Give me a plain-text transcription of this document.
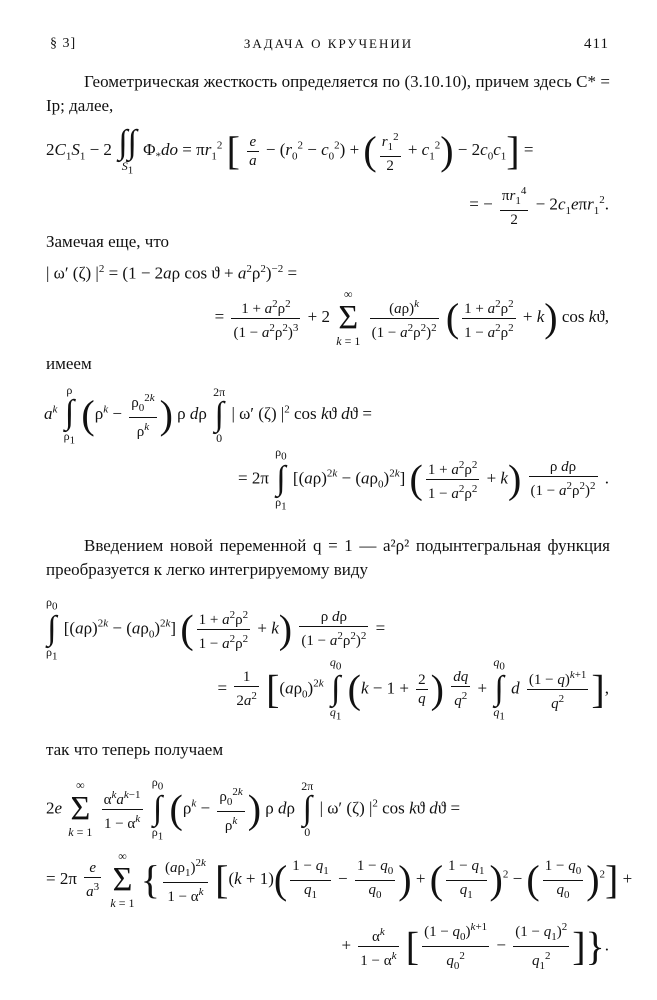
§ 3]	ЗАДАЧА О КРУЧЕНИИ	411
Геометрическая жесткость определяется по (3.10.10), причем здесь C* = Ip; далее,
$2C_1S_1 - 2$ ∫∫
$S_1$ $\Phi_*do = \pi r_1^2$ [ $\frac{e}{a} - (r_0^2 - c_0^2)$ + ( $\frac{r_1^2}{2} + c_1^2) - 2c_0c_1$] =
= − $\frac{\pi r_1^4}{2} - 2c_1e\pi r_1^2$.
Замечая еще, что
| ω′ (ζ) $|^2 = (1 - 2a\rho$ $\cos ϑ + a^2\rho^2)^{-2}$ =
= $\frac{1 + a^2\rho^2}{(1 - a^2\rho^2)^3} + 2$ ∞
Σ
$k = 1 \frac{(a\rho)^k}{(1 - a^2\rho^2)^2}$ ( $\frac{1 + a^2\rho^2}{1 - a^2\rho^2} + k$) cos kϑ,
имеем
$a^k$ ρ
∫
$\rho_1$ ($\rho^k - \frac{\rho_0^{2k}}{\rho^k}$ ) ρ dρ 2π
∫
0 | ω′ (ζ) $|^2$ cos kϑ dϑ =
= 2π $\rho_0$
∫
$\rho_1$ $[(a\rho)^{2k} - (a\rho_0)^{2k}]$ ( $\frac{1 + a^2\rho^2}{1 - a^2\rho^2} + k) \frac{\text{ρ dρ}}{(1 - a^2\rho^2)^2}$ .
Введением новой переменной q = 1 — a²ρ² подынтегральная функция преобразуется к легко интегрируемому виду
$\rho_0$
∫
$\rho_1$ $[(a\rho)^{2k} - (a\rho_0)^{2k}]$ ( $\frac{1 + a^2\rho^2}{1 - a^2\rho^2} + k) \frac{\text{ρ dρ}}{(1 - a^2\rho^2)^2}$ =
= $\frac{1}{2a^2} [(a\rho_0)^{2k}$ $q_0$
∫
$q_1$ ($k - 1 + \frac{2}{q}$ ) $\frac{dq}{q^2} + q_0$
∫
$q_1$ d $\frac{(1 - q)^{k+1}}{q^2}$ ],
так что теперь получаем
2e ∞
Σ
$k = 1 \frac{\alpha^ka^{k-1}}{1 - \alpha^k}$
$\rho_0$
∫
$\rho_1$ ($\rho^k - \frac{\rho_0^{2k}}{\rho^k}$ ) ρ dρ 2π
∫
0 | ω′ (ζ) $|^2$ cos kϑ dϑ =
= $2\pi \frac{e}{a^3}$
∞
Σ
k = 1 { $\frac{(a\rho_1)^{2k}}{1 - \alpha^k} [(k + 1)( \frac{1 - q_1}{q_1} - \frac{1 - q_0}{q_0}$ ) + ( $\frac{1 - q_1}{q_1} )^2$ − ( $\frac{1 - q_0}{q_0} )^2$] +
+ $\frac{\alpha^k}{1 - \alpha^k}$ [ $\frac{(1 - q_0)^{k+1}}{q_0^2} - \frac{(1 - q_1)^2}{q_1^2}$ ]}.
